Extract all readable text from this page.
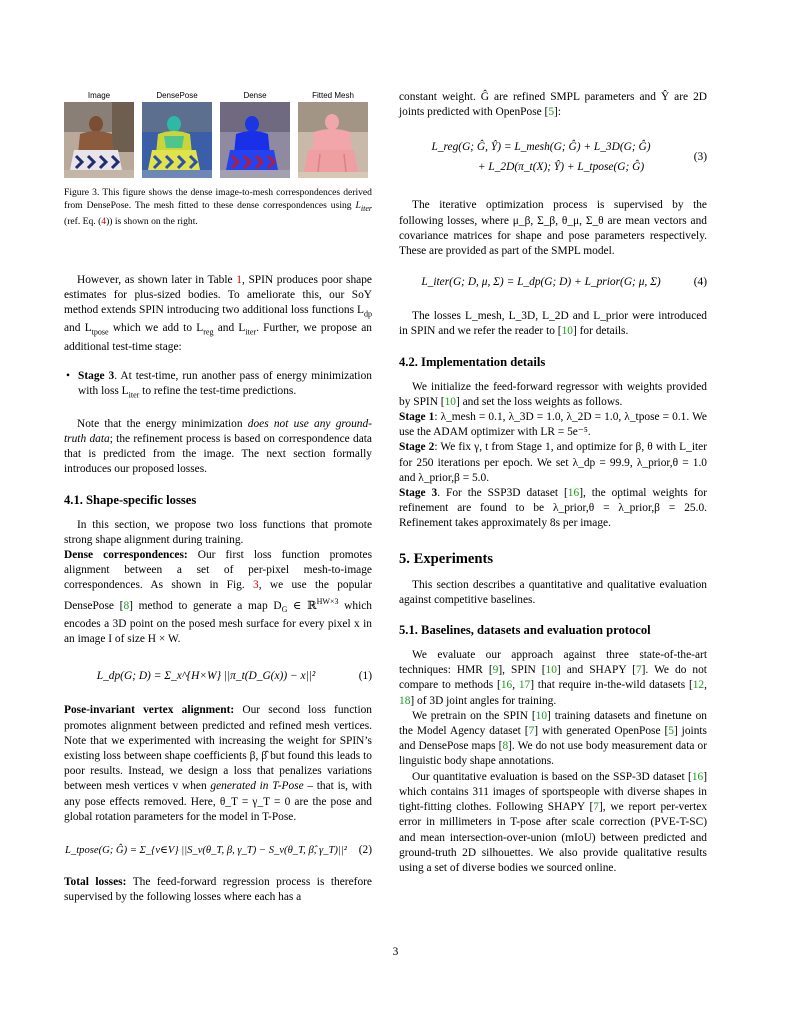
Image	DensePose	Dense	Fitted Mesh
Figure 3. This figure shows the dense image-to-mesh correspondences derived from DensePose. The mesh fitted to these dense correspondences using $L_{iter}$ (ref. Eq. (4)) is shown on the right.

However, as shown later in Table 1, SPIN produces poor shape estimates for plus-sized bodies. To ameliorate this, our SoY method extends SPIN introducing two additional loss functions $L_{dp}$ and $L_{tpose}$ which we add to $L_{reg}$ and $L_{iter}$. Further, we propose an additional test-time stage:

• Stage 3. At test-time, run another pass of energy minimization with loss $L_{iter}$ to refine the test-time predictions.

Note that the energy minimization does not use any ground-truth data; the refinement process is based on correspondence data that is predicted from the image. The next section formally introduces our proposed losses.

4.1. Shape-specific losses

In this section, we propose two loss functions that promote strong shape alignment during training.

Dense correspondences: Our first loss function promotes alignment between a set of per-pixel mesh-to-image correspondences. As shown in Fig. 3, we use the popular DensePose [8] method to generate a map $D_G$ ∈ ℝ$^{HW\times 3}$ which encodes a 3D point on the posed mesh surface for every pixel x in an image I of size H × W.

L_dp(G; D) = Σ_x^{H×W} ||π_t(D_G(x)) − x||²	(1)

Pose-invariant vertex alignment: Our second loss function promotes alignment between predicted and refined mesh vertices. Note that we experimented with increasing the weight for SPIN’s existing loss between shape coefficients β, β̂ but found this leads to poor results. Instead, we design a loss that penalizes variations between mesh vertices v when generated in T-Pose – that is, with any pose effects removed. Here, θ_T = γ_T = 0 are the pose and global rotation parameters for the model in T-Pose.

L_tpose(G; Ĝ) = Σ_{v∈V} ||S_v(θ_T, β, γ_T) − S_v(θ_T, β̂, γ_T)||² (2)

Total losses: The feed-forward regression process is therefore supervised by the following losses where each has a

constant weight. Ĝ are refined SMPL parameters and Ŷ are 2D joints predicted with OpenPose [5]:

L_reg(G; Ĝ, Ŷ) = L_mesh(G; Ĝ) + L_3D(G; Ĝ)
+ L_2D(π_t(X); Ŷ) + L_tpose(G; Ĝ)
(3)

The iterative optimization process is supervised by the following losses, where μ_β, Σ_β, θ_μ, Σ_θ are mean vectors and covariance matrices for shape and pose parameters respectively. These are provided as part of the SMPL model.

L_iter(G; D, μ, Σ) = L_dp(G; D) + L_prior(G; μ, Σ)	(4)

The losses L_mesh, L_3D, L_2D and L_prior were introduced in SPIN and we refer the reader to [10] for details.

4.2. Implementation details

We initialize the feed-forward regressor with weights provided by SPIN [10] and set the loss weights as follows.

Stage 1: λ_mesh = 0.1, λ_3D = 1.0, λ_2D = 1.0, λ_tpose = 0.1. We use the ADAM optimizer with LR = 5e⁻⁵.

Stage 2: We fix γ, t from Stage 1, and optimize for β, θ with L_iter for 250 iterations per epoch. We set λ_dp = 99.9, λ_prior,θ = 1.0 and λ_prior,β = 5.0.

Stage 3. For the SSP3D dataset [16], the optimal weights for refinement are found to be λ_prior,θ = λ_prior,β = 25.0. Refinement takes approximately 8s per image.

5. Experiments

This section describes a quantitative and qualitative evaluation against competitive baselines.

5.1. Baselines, datasets and evaluation protocol

We evaluate our approach against three state-of-the-art techniques: HMR [9], SPIN [10] and SHAPY [7]. We do not compare to methods [16, 17] that require in-the-wild datasets [12, 18] of 3D joint angles for training.

We pretrain on the SPIN [10] training datasets and finetune on the Model Agency dataset [7] with generated OpenPose [5] joints and DensePose maps [8]. We do not use body measurement data or linguistic body shape annotations.

Our quantitative evaluation is based on the SSP-3D dataset [16] which contains 311 images of sportspeople with diverse shapes in tight-fitting clothes. Following SHAPY [7], we report per-vertex error in millimeters in T-pose after scale correction (PVE-T-SC) and mean intersection-over-union (mIoU) between predicted and ground-truth 2D silhouettes. We also provide qualitative results using a set of diverse bodies we sourced online.

3
